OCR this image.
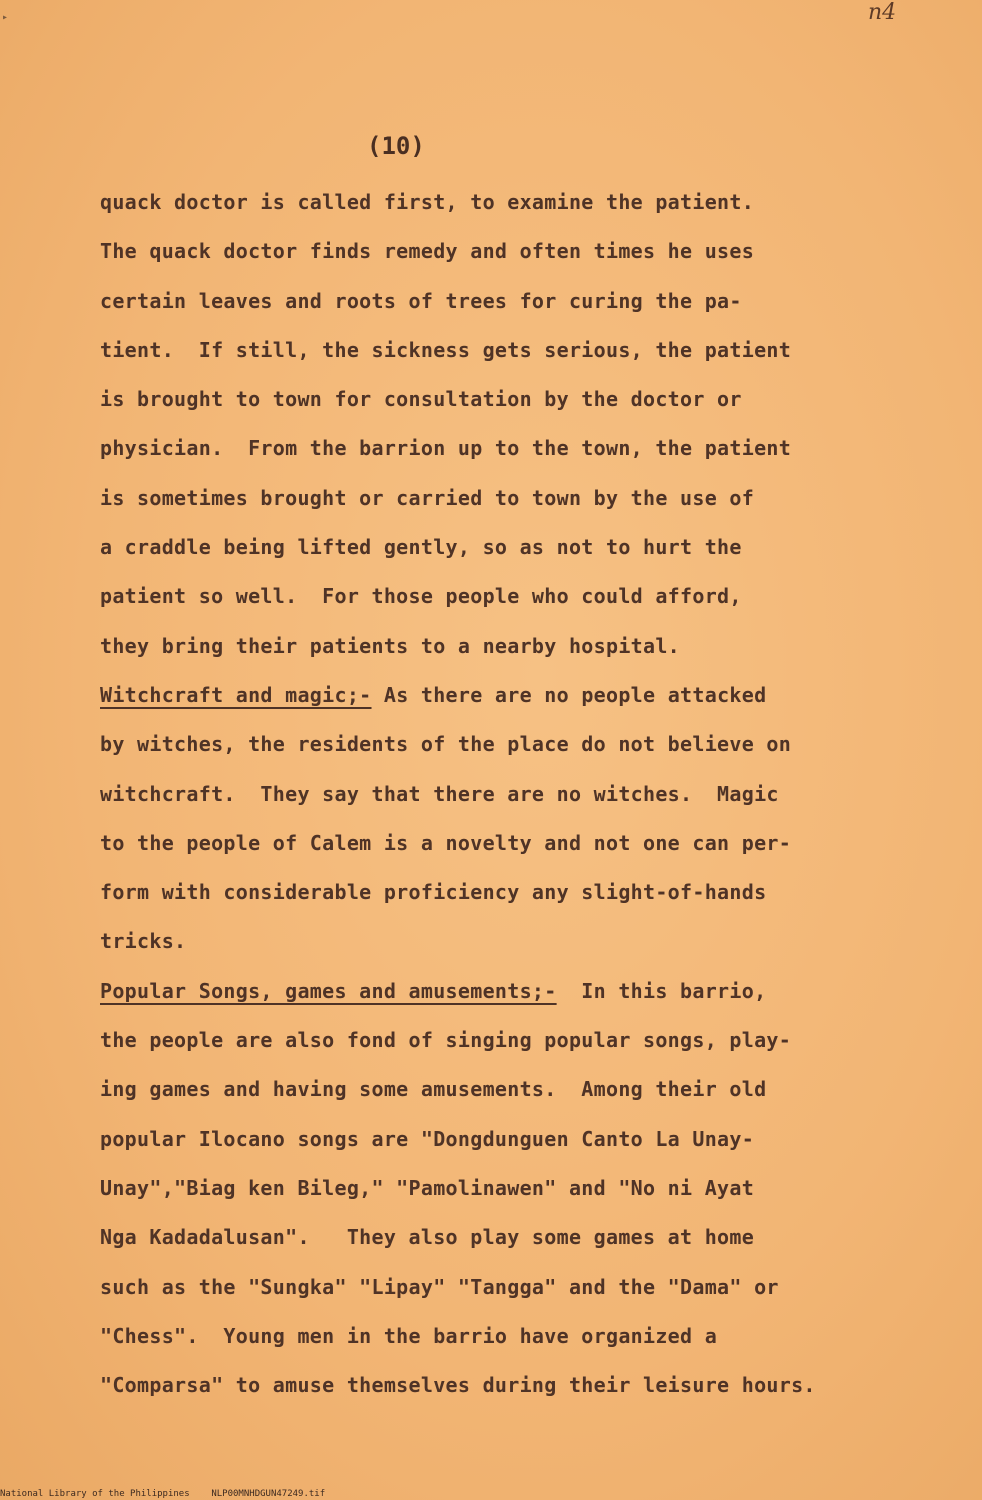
▸	n4
(10)
quack doctor is called first, to examine the patient.
The quack doctor finds remedy and often times he uses
certain leaves and roots of trees for curing the pa-
tient.  If still, the sickness gets serious, the patient
is brought to town for consultation by the doctor or
physician.  From the barrion up to the town, the patient
is sometimes brought or carried to town by the use of
a craddle being lifted gently, so as not to hurt the
patient so well.  For those people who could afford,
they bring their patients to a nearby hospital.
Witchcraft and magic;- As there are no people attacked
by witches, the residents of the place do not believe on
witchcraft.  They say that there are no witches.  Magic
to the people of Calem is a novelty and not one can per-
form with considerable proficiency any slight-of-hands
tricks.
Popular Songs, games and amusements;-  In this barrio,
the people are also fond of singing popular songs, play-
ing games and having some amusements.  Among their old
popular Ilocano songs are "Dongdunguen Canto La Unay-
Unay","Biag ken Bileg," "Pamolinawen" and "No ni Ayat
Nga Kadadalusan".   They also play some games at home
such as the "Sungka" "Lipay" "Tangga" and the "Dama" or
"Chess".  Young men in the barrio have organized a
"Comparsa" to amuse themselves during their leisure hours.
National Library of the Philippines NLP00MNHDGUN47249.tif
